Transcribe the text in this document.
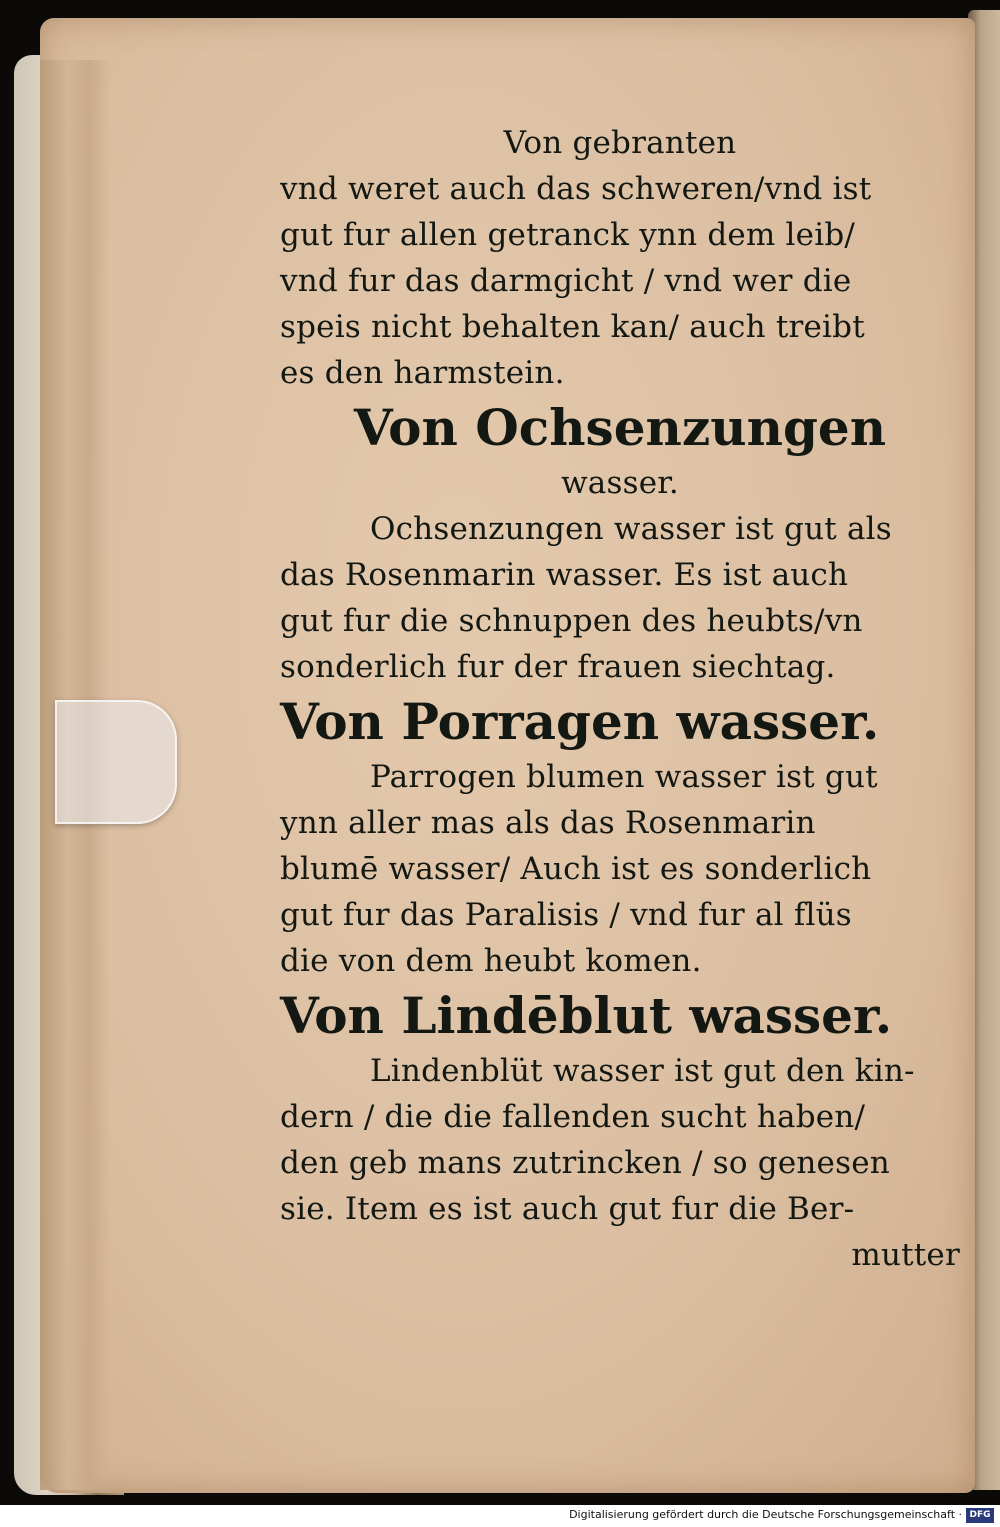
Von gebranten
vnd weret auch das schweren/vnd ist
gut fur allen getranck ynn dem leib/
vnd fur das darmgicht / vnd wer die
speis nicht behalten kan/ auch treibt
es den harmstein.
Von Ochsenzungen
wasser.
Ochsenzungen wasser ist gut als
das Rosenmarin wasser. Es ist auch
gut fur die schnuppen des heubts/vn
sonderlich fur der frauen siechtag.
Von Porragen wasser.
Parrogen blumen wasser ist gut
ynn aller mas als das Rosenmarin
blumē wasser/ Auch ist es sonderlich
gut fur das Paralisis / vnd fur al flüs
die von dem heubt komen.
Von Lindēblut wasser.
Lindenblüt wasser ist gut den kin-
dern / die die fallenden sucht haben/
den geb mans zutrincken / so genesen
sie. Item es ist auch gut fur die Ber-
mutter
Digitalisierung gefördert durch die Deutsche Forschungsgemeinschaft · DFG
